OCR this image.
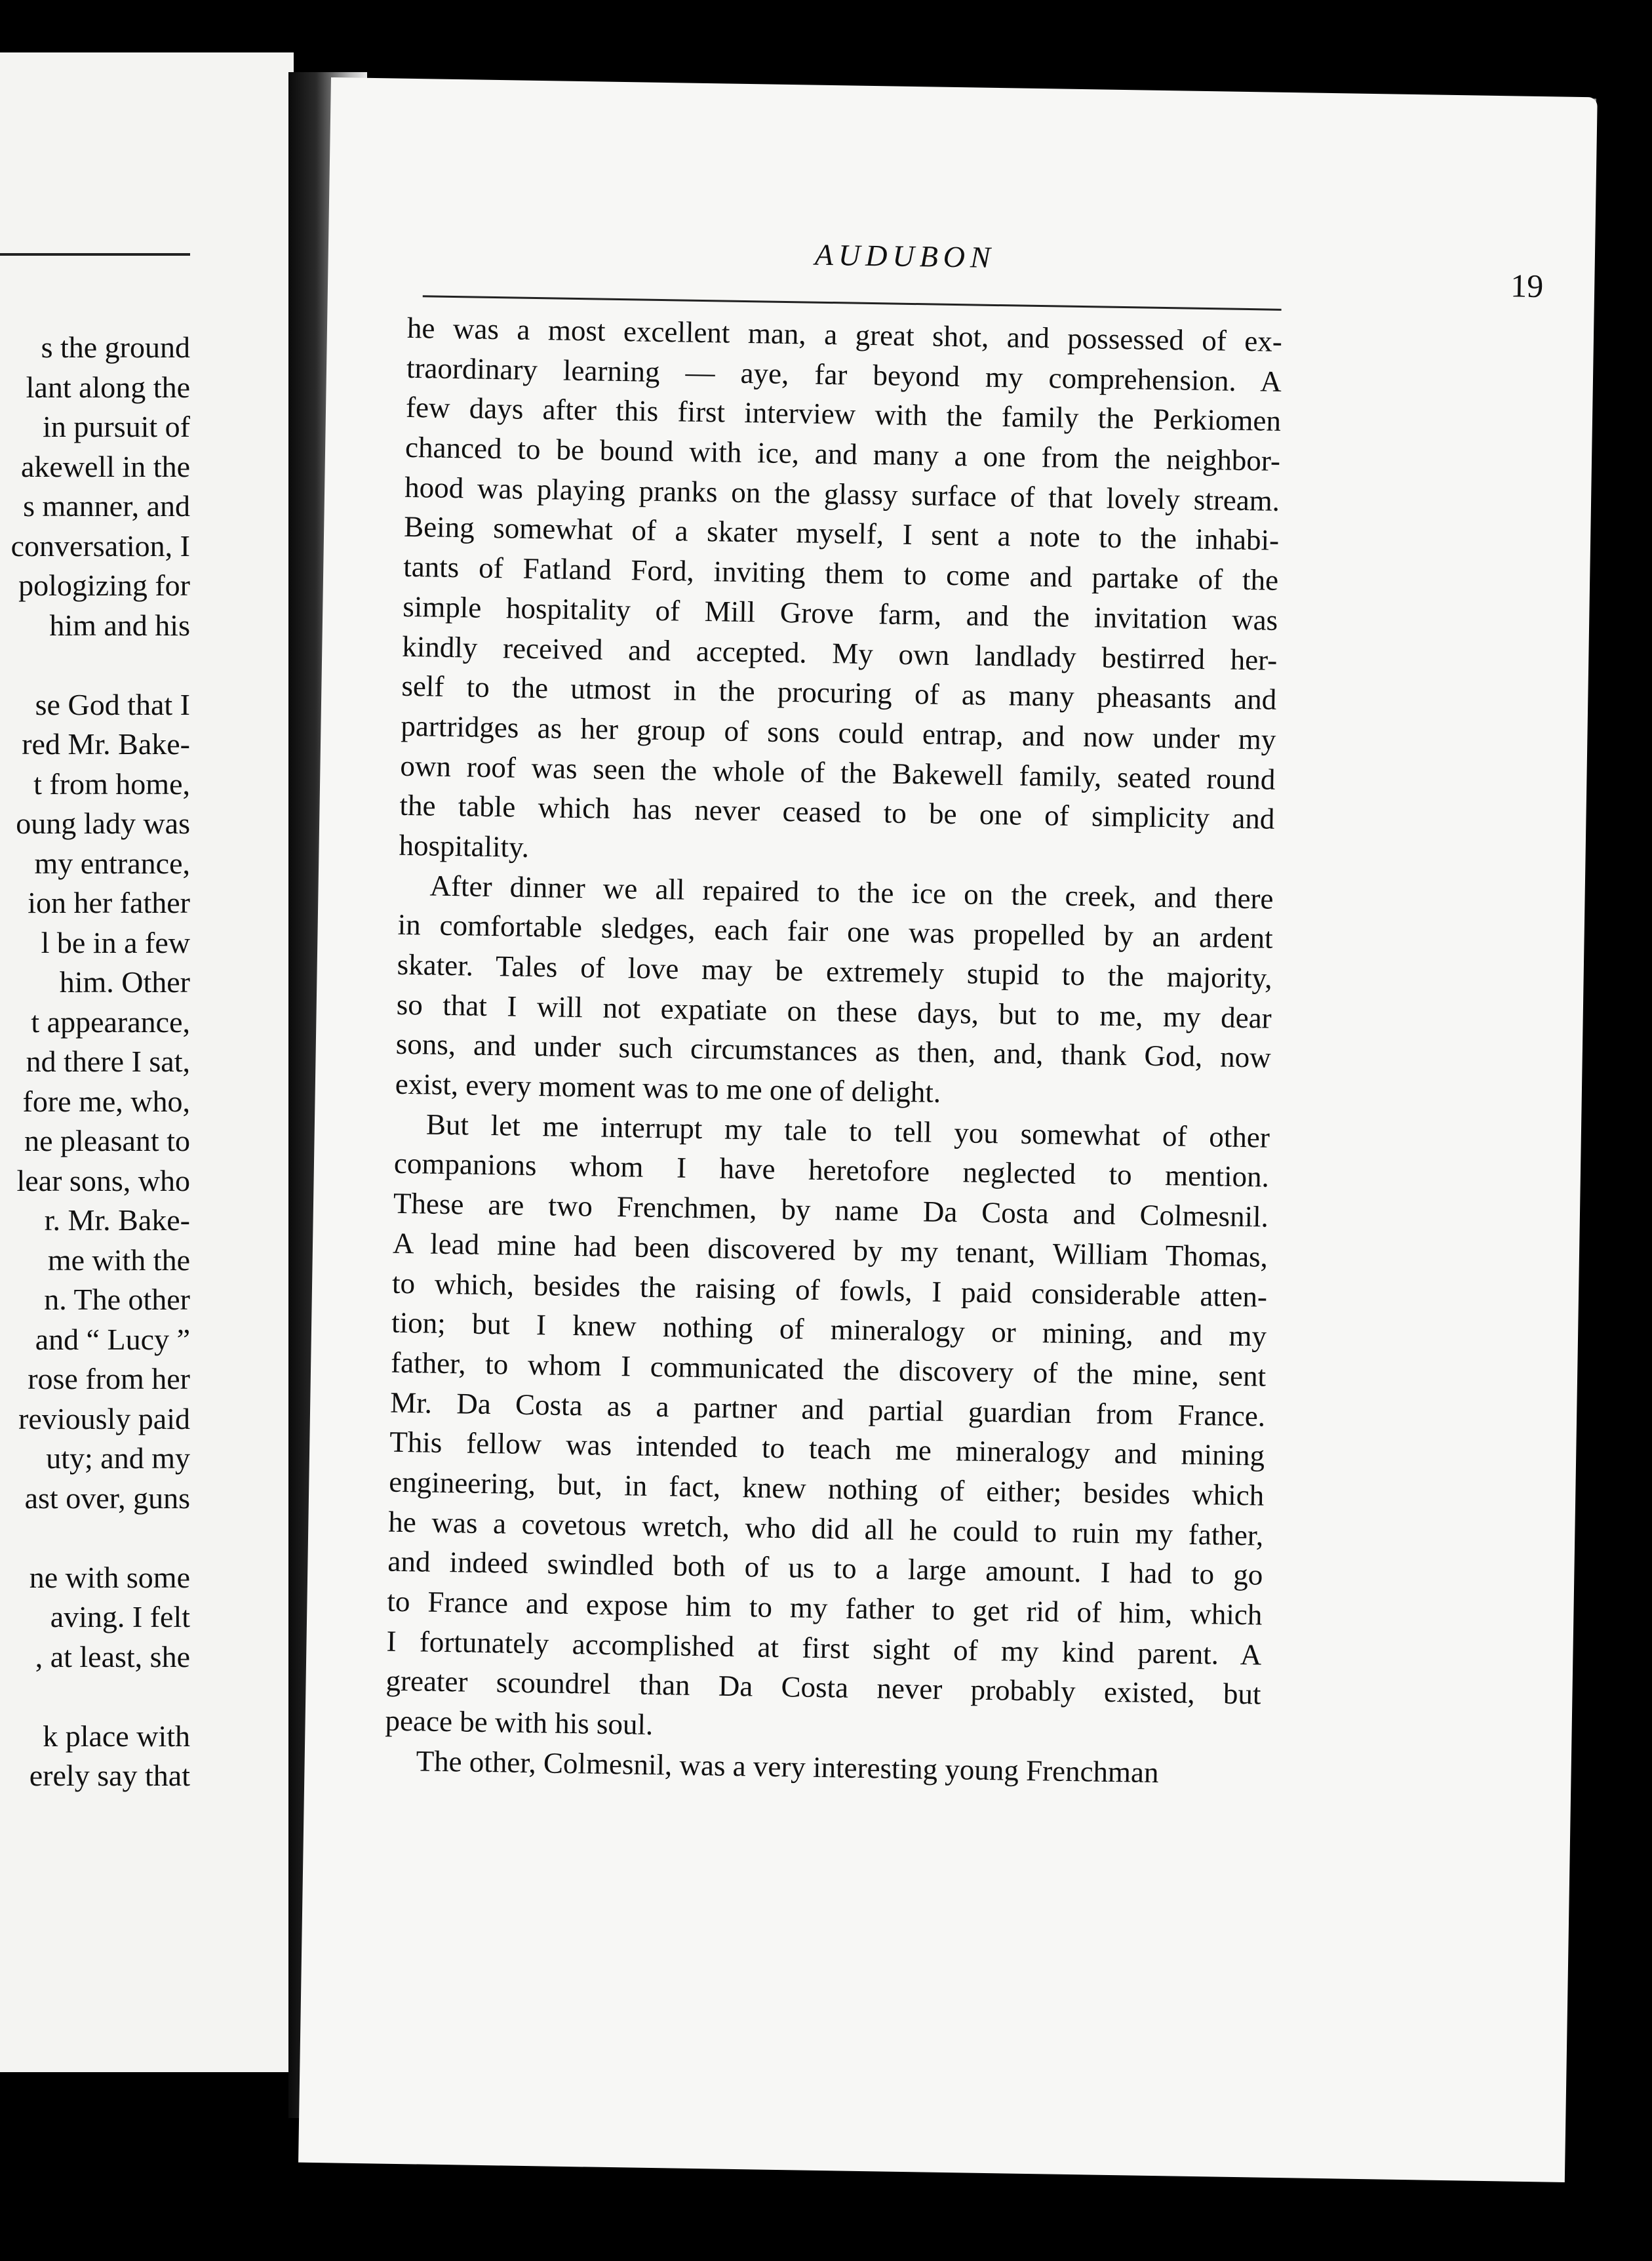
s the ground
lant along the
in pursuit of
akewell in the
s manner, and
conversation, I
pologizing for
him and his
se God that I
red Mr. Bake-
t from home,
oung lady was
my entrance,
ion her father
l be in a few
him. Other
t appearance,
nd there I sat,
fore me, who,
ne pleasant to
lear sons, who
r. Mr. Bake-
me with the
n. The other
and “ Lucy ”
rose from her
reviously paid
uty; and my
ast over, guns
ne with some
aving. I felt
, at least, she
k place with
erely say that
AUDUBON
19
he was a most excellent man, a great shot, and possessed of ex-
traordinary learning — aye, far beyond my comprehension. A
few days after this first interview with the family the Perkiomen
chanced to be bound with ice, and many a one from the neighbor-
hood was playing pranks on the glassy surface of that lovely stream.
Being somewhat of a skater myself, I sent a note to the inhabi-
tants of Fatland Ford, inviting them to come and partake of the
simple hospitality of Mill Grove farm, and the invitation was
kindly received and accepted. My own landlady bestirred her-
self to the utmost in the procuring of as many pheasants and
partridges as her group of sons could entrap, and now under my
own roof was seen the whole of the Bakewell family, seated round
the table which has never ceased to be one of simplicity and
hospitality.
After dinner we all repaired to the ice on the creek, and there
in comfortable sledges, each fair one was propelled by an ardent
skater. Tales of love may be extremely stupid to the majority,
so that I will not expatiate on these days, but to me, my dear
sons, and under such circumstances as then, and, thank God, now
exist, every moment was to me one of delight.
But let me interrupt my tale to tell you somewhat of other
companions whom I have heretofore neglected to mention.
These are two Frenchmen, by name Da Costa and Colmesnil.
A lead mine had been discovered by my tenant, William Thomas,
to which, besides the raising of fowls, I paid considerable atten-
tion; but I knew nothing of mineralogy or mining, and my
father, to whom I communicated the discovery of the mine, sent
Mr. Da Costa as a partner and partial guardian from France.
This fellow was intended to teach me mineralogy and mining
engineering, but, in fact, knew nothing of either; besides which
he was a covetous wretch, who did all he could to ruin my father,
and indeed swindled both of us to a large amount. I had to go
to France and expose him to my father to get rid of him, which
I fortunately accomplished at first sight of my kind parent. A
greater scoundrel than Da Costa never probably existed, but
peace be with his soul.
The other, Colmesnil, was a very interesting young Frenchman
